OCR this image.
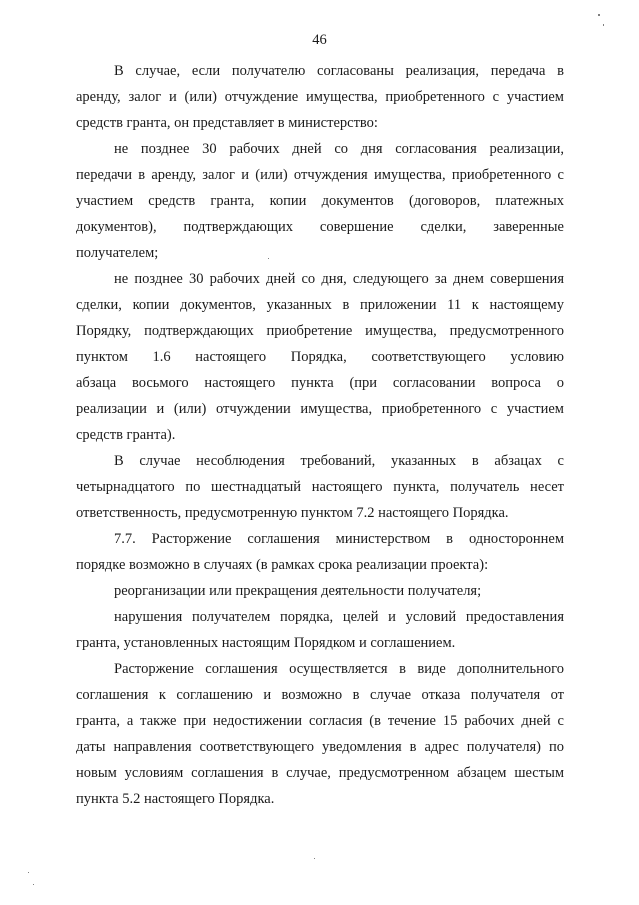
46
В случае, если получателю согласованы реализация, передача в
аренду, залог и (или) отчуждение имущества, приобретенного с участием
средств гранта, он представляет в министерство:
не позднее 30 рабочих дней со дня согласования реализации,
передачи в аренду, залог и (или) отчуждения имущества, приобретенного с
участием средств гранта, копии документов (договоров, платежных
документов), подтверждающих совершение сделки, заверенные
получателем;
не позднее 30 рабочих дней со дня, следующего за днем совершения
сделки, копии документов, указанных в приложении 11 к настоящему
Порядку, подтверждающих приобретение имущества, предусмотренного
пунктом 1.6 настоящего Порядка, соответствующего условию
абзаца восьмого настоящего пункта (при согласовании вопроса о
реализации и (или) отчуждении имущества, приобретенного с участием
средств гранта).
В случае несоблюдения требований, указанных в абзацах с
четырнадцатого по шестнадцатый настоящего пункта, получатель несет
ответственность, предусмотренную пунктом 7.2 настоящего Порядка.
7.7. Расторжение соглашения министерством в одностороннем
порядке возможно в случаях (в рамках срока реализации проекта):
реорганизации или прекращения деятельности получателя;
нарушения получателем порядка, целей и условий предоставления
гранта, установленных настоящим Порядком и соглашением.
Расторжение соглашения осуществляется в виде дополнительного
соглашения к соглашению и возможно в случае отказа получателя от
гранта, а также при недостижении согласия (в течение 15 рабочих дней с
даты направления соответствующего уведомления в адрес получателя) по
новым условиям соглашения в случае, предусмотренном абзацем шестым
пункта 5.2 настоящего Порядка.
